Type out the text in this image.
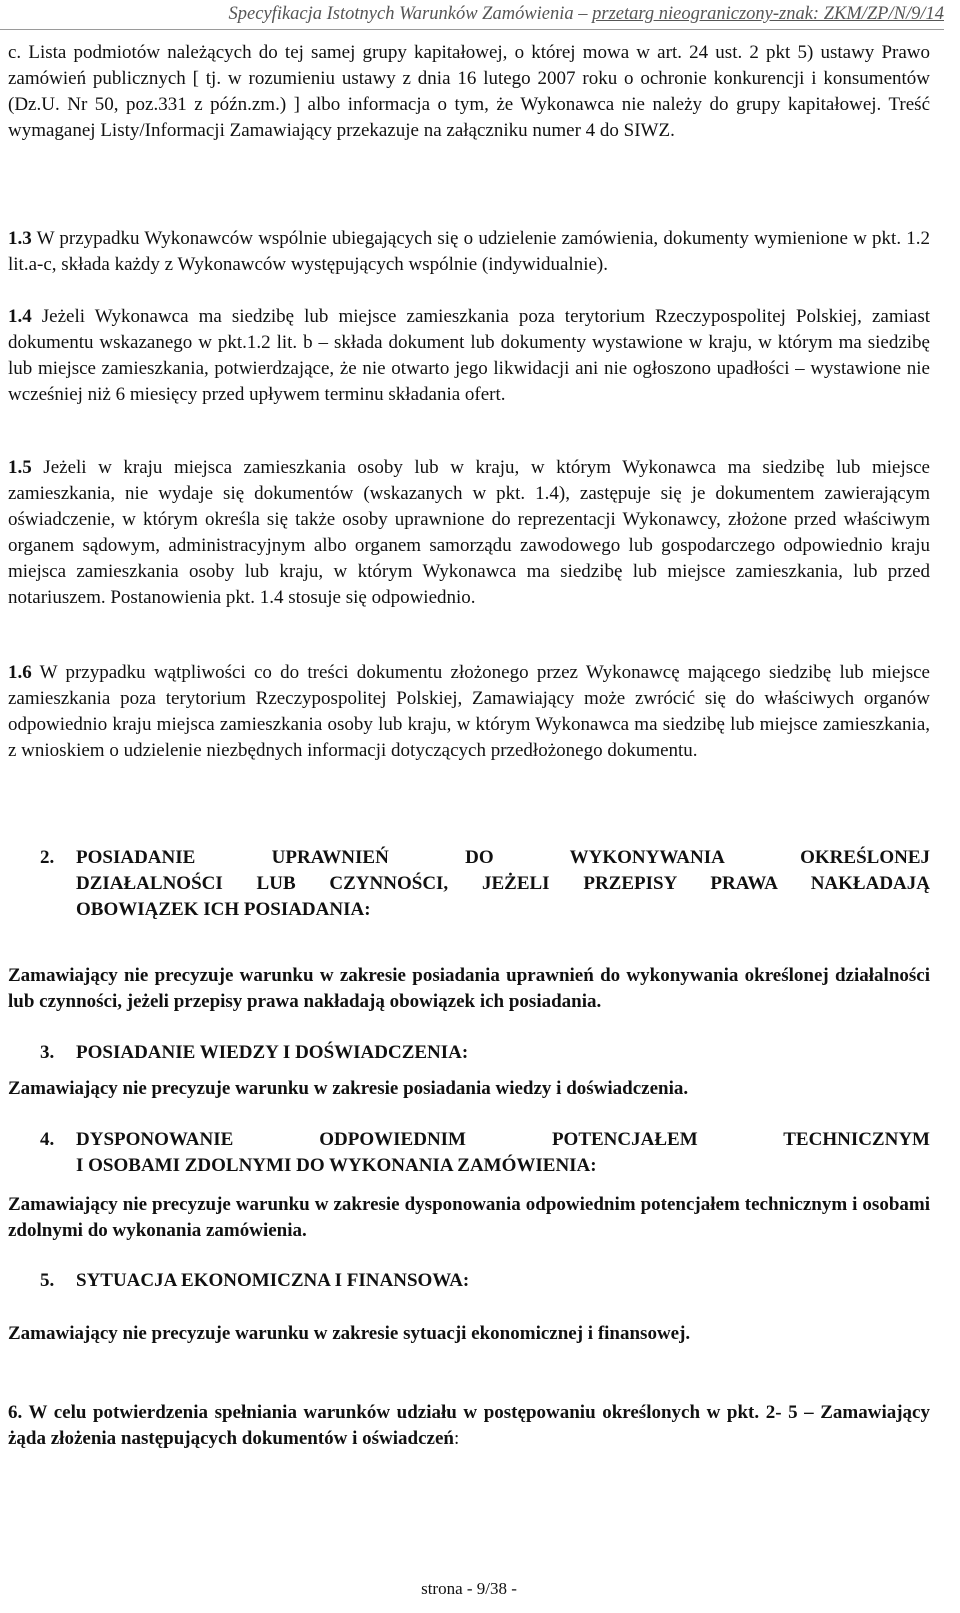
Specyfikacja Istotnych Warunków Zamówienia – przetarg nieograniczony-znak: ZKM/ZP/N/9/14

c. Lista podmiotów należących do tej samej grupy kapitałowej, o której mowa w art. 24 ust. 2 pkt 5) ustawy Prawo zamówień publicznych [ tj. w rozumieniu ustawy z dnia 16 lutego 2007 roku o ochronie konkurencji i konsumentów (Dz.U. Nr 50, poz.331 z późn.zm.) ] albo informacja o tym, że Wykonawca nie należy do grupy kapitałowej. Treść wymaganej Listy/Informacji Zamawiający przekazuje na załączniku numer 4 do SIWZ.

1.3 W przypadku Wykonawców wspólnie ubiegających się o udzielenie zamówienia, dokumenty wymienione w pkt. 1.2 lit.a-c, składa każdy z Wykonawców występujących wspólnie (indywidualnie).

1.4 Jeżeli Wykonawca ma siedzibę lub miejsce zamieszkania poza terytorium Rzeczypospolitej Polskiej, zamiast dokumentu wskazanego w pkt.1.2 lit. b – składa dokument lub dokumenty wystawione w kraju, w którym ma siedzibę lub miejsce zamieszkania, potwierdzające, że nie otwarto jego likwidacji ani nie ogłoszono upadłości – wystawione nie wcześniej niż 6 miesięcy przed upływem terminu składania ofert.

1.5 Jeżeli w kraju miejsca zamieszkania osoby lub w kraju, w którym Wykonawca ma siedzibę lub miejsce zamieszkania, nie wydaje się dokumentów (wskazanych w pkt. 1.4), zastępuje się je dokumentem zawierającym oświadczenie, w którym określa się także osoby uprawnione do reprezentacji Wykonawcy, złożone przed właściwym organem sądowym, administracyjnym albo organem samorządu zawodowego lub gospodarczego odpowiednio kraju miejsca zamieszkania osoby lub kraju, w którym Wykonawca ma siedzibę lub miejsce zamieszkania, lub przed notariuszem. Postanowienia pkt. 1.4 stosuje się odpowiednio.

1.6 W przypadku wątpliwości co do treści dokumentu złożonego przez Wykonawcę mającego siedzibę lub miejsce zamieszkania poza terytorium Rzeczypospolitej Polskiej, Zamawiający może zwrócić się do właściwych organów odpowiednio kraju miejsca zamieszkania osoby lub kraju, w którym Wykonawca ma siedzibę lub miejsce zamieszkania, z wnioskiem o udzielenie niezbędnych informacji dotyczących przedłożonego dokumentu.

2. POSIADANIE UPRAWNIEŃ DO WYKONYWANIA OKREŚLONEJ
DZIAŁALNOŚCI LUB CZYNNOŚCI, JEŻELI PRZEPISY PRAWA NAKŁADAJĄ
OBOWIĄZEK ICH POSIADANIA:

Zamawiający nie precyzuje warunku w zakresie posiadania uprawnień do wykonywania określonej działalności lub czynności, jeżeli przepisy prawa nakładają obowiązek ich posiadania.

3. POSIADANIE WIEDZY I DOŚWIADCZENIA:

Zamawiający nie precyzuje warunku w zakresie posiadania wiedzy i doświadczenia.

4. DYSPONOWANIE ODPOWIEDNIM POTENCJAŁEM TECHNICZNYM
I OSOBAMI ZDOLNYMI DO WYKONANIA ZAMÓWIENIA:

Zamawiający nie precyzuje warunku w zakresie dysponowania odpowiednim potencjałem technicznym i osobami zdolnymi do wykonania zamówienia.

5. SYTUACJA EKONOMICZNA I FINANSOWA:

Zamawiający nie precyzuje warunku w zakresie sytuacji ekonomicznej i finansowej.

6. W celu potwierdzenia spełniania warunków udziału w postępowaniu określonych w pkt. 2- 5 – Zamawiający żąda złożenia następujących dokumentów i oświadczeń:

strona - 9/38 -
